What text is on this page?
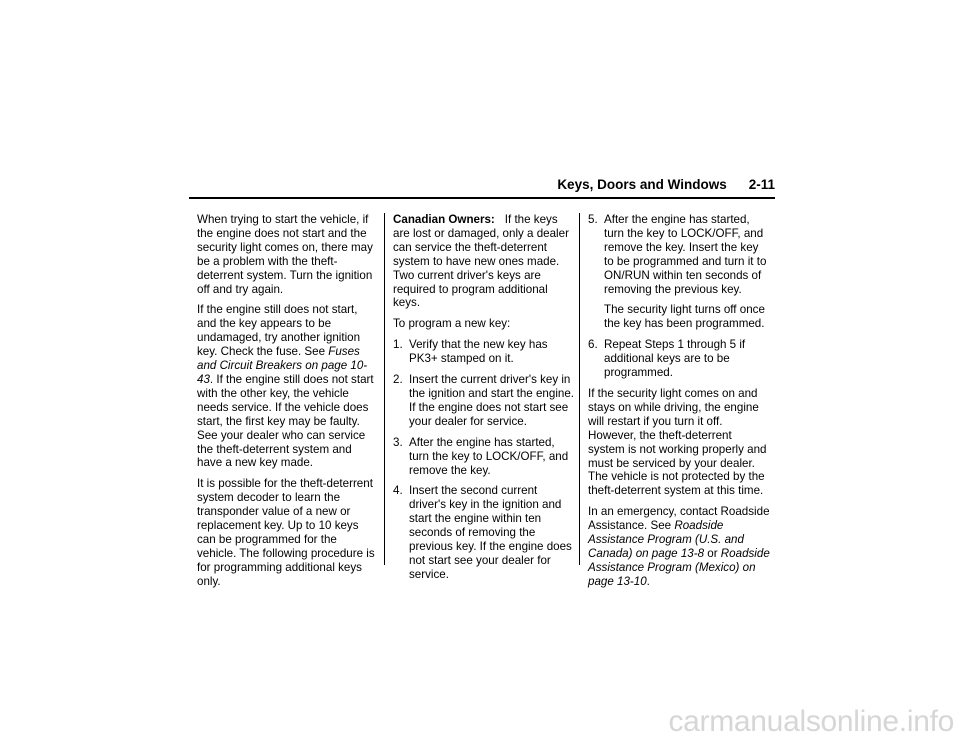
Keys, Doors and Windows 2-11

When trying to start the vehicle, if the engine does not start and the security light comes on, there may be a problem with the theft-deterrent system. Turn the ignition off and try again.

If the engine still does not start, and the key appears to be undamaged, try another ignition key. Check the fuse. See Fuses and Circuit Breakers on page 10-43. If the engine still does not start with the other key, the vehicle needs service. If the vehicle does start, the first key may be faulty. See your dealer who can service the theft-deterrent system and have a new key made.

It is possible for the theft-deterrent system decoder to learn the transponder value of a new or replacement key. Up to 10 keys can be programmed for the vehicle. The following procedure is for programming additional keys only.

Canadian Owners: If the keys are lost or damaged, only a dealer can service the theft-deterrent system to have new ones made. Two current driver's keys are required to program additional keys.

To program a new key:

1. Verify that the new key has PK3+ stamped on it.
2. Insert the current driver's key in the ignition and start the engine. If the engine does not start see your dealer for service.
3. After the engine has started, turn the key to LOCK/OFF, and remove the key.
4. Insert the second current driver's key in the ignition and start the engine within ten seconds of removing the previous key. If the engine does not start see your dealer for service.
5. After the engine has started, turn the key to LOCK/OFF, and remove the key. Insert the key to be programmed and turn it to ON/RUN within ten seconds of removing the previous key.
The security light turns off once the key has been programmed.
6. Repeat Steps 1 through 5 if additional keys are to be programmed.

If the security light comes on and stays on while driving, the engine will restart if you turn it off. However, the theft-deterrent system is not working properly and must be serviced by your dealer. The vehicle is not protected by the theft-deterrent system at this time.

In an emergency, contact Roadside Assistance. See Roadside Assistance Program (U.S. and Canada) on page 13-8 or Roadside Assistance Program (Mexico) on page 13-10.

carmanualsonline.info
